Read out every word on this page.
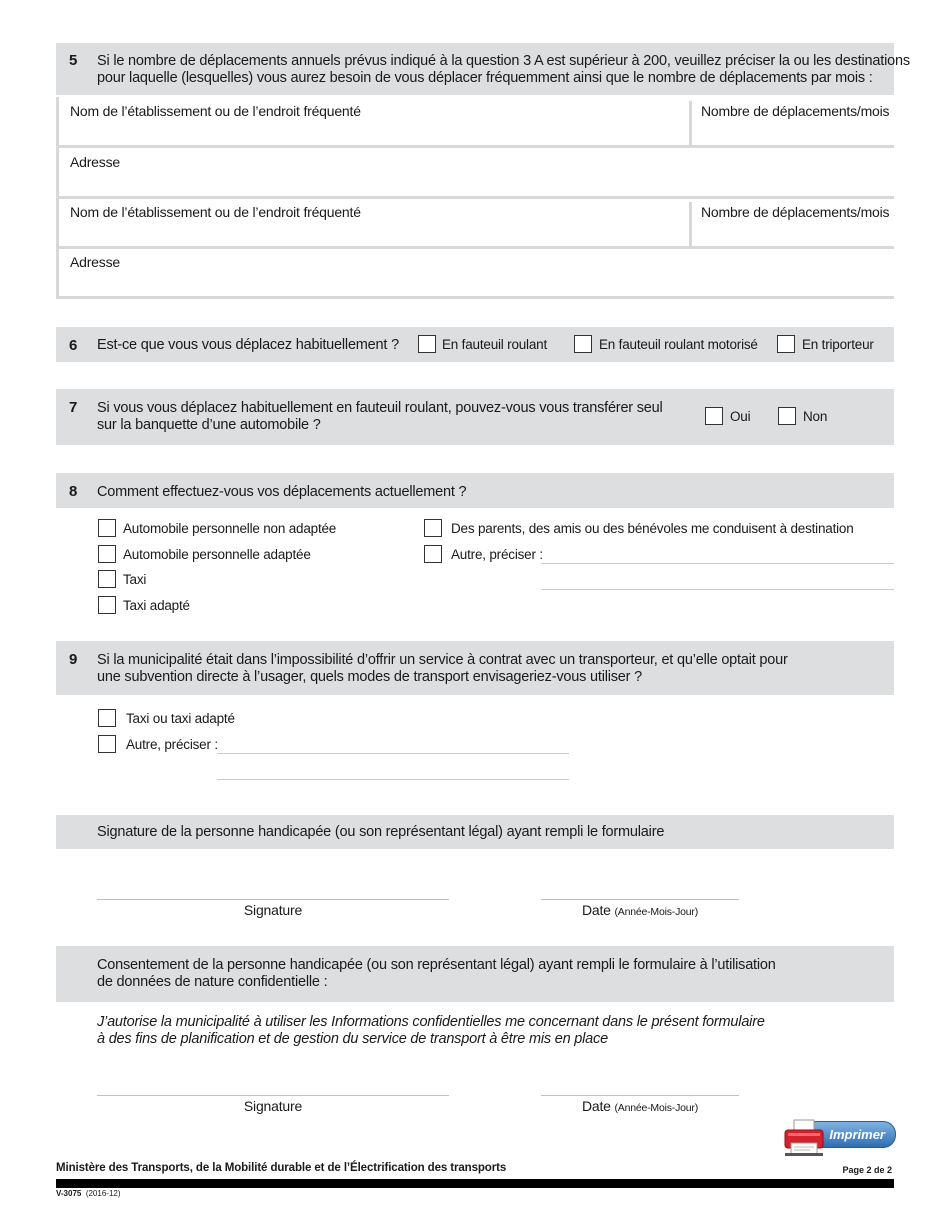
5 Si le nombre de déplacements annuels prévus indiqué à la question 3 A est supérieur à 200, veuillez préciser la ou les destinations
pour laquelle (lesquelles) vous aurez besoin de vous déplacer fréquemment ainsi que le nombre de déplacements par mois :
Nom de l’établissement ou de l’endroit fréquenté	Nombre de déplacements/mois
Adresse
Nom de l’établissement ou de l’endroit fréquenté	Nombre de déplacements/mois
Adresse
6 Est-ce que vous vous déplacez habituellement ?	En fauteuil roulant	En fauteuil roulant motorisé	En triporteur
7 Si vous vous déplacez habituellement en fauteuil roulant, pouvez-vous vous transférer seul
sur la banquette d’une automobile ?
Oui	Non
8 Comment effectuez-vous vos déplacements actuellement ?
Automobile personnelle non adaptée
Automobile personnelle adaptée
Taxi
Taxi adapté
Des parents, des amis ou des bénévoles me conduisent à destination
Autre, préciser :
9 Si la municipalité était dans l’impossibilité d’offrir un service à contrat avec un transporteur, et qu’elle optait pour
une subvention directe à l’usager, quels modes de transport envisageriez-vous utiliser ?
Taxi ou taxi adapté
Autre, préciser :
Signature de la personne handicapée (ou son représentant légal) ayant rempli le formulaire
Signature	Date (Année-Mois-Jour)
Consentement de la personne handicapée (ou son représentant légal) ayant rempli le formulaire à l’utilisation
de données de nature confidentielle :
J’autorise la municipalité à utiliser les Informations confidentielles me concernant dans le présent formulaire
à des fins de planification et de gestion du service de transport à être mis en place
Signature	Date (Année-Mois-Jour)
Imprimer
Ministère des Transports, de la Mobilité durable et de l’Électrification des transports	Page 2 de 2
V-3075 (2016-12)
